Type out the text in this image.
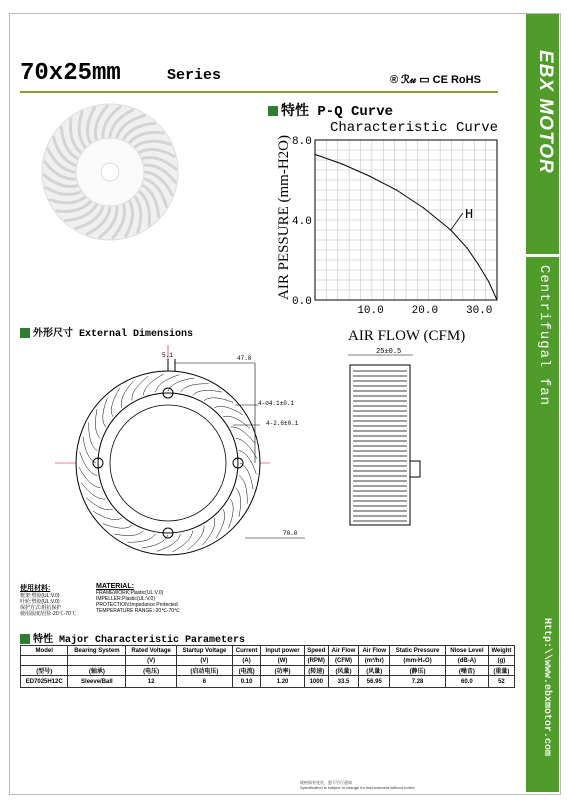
EBX MOTOR
Centrifugal fan
Http:\\www.ebxmotor.com
70x25mm	Series	® ℛ𝓊 ▭ CE RoHS
特性 P-Q Curve
Characteristic Curve
10.0	20.0	30.0
0.0
4.0
8.0
H
AIR PESSURE (mm-H2O)
AIR FLOW (CFM)
外形尺寸 External Dimensions
5.1	47.8
4-∅4.1±0.1
4-2.6±0.1
70.0
25±0.5
使用材料:
框架:塑胶(UL:V.0)
叶轮:塑胶(UL:V.0)
保护方式:阻抗保护
使用温度范围:-20℃-70℃
MATERIAL:
FRAMEWORK:Plastic(UL:V.0)
IMPELLER:Plastic(UL:V.0)
PROTECTION:Impedance Protected
TEMPERATURE RANGE:-20℃-70℃
特性 Major Characteristic Parameters
Model	Bearing System	Rated Voltage	Startup Voltage	Current	Input power	Speed	Air Flow	Air Flow	Static Pressure	Nlose Level	Weight
		(V)	(V)	(A)	(W)	(RPM)	(CFM)	(m³/hr)	(mm-H₂O)	(dB-A)	(g)
(型号)	(轴承)	(电压)	(启动电压)	(电流)	(功率)	(转速)	(风量)	(风量)	(静压)	(噪音)	(重量)
ED7025H12C	Sleeve/Ball	12	6	0.10	1.20	1000	33.5	56.95	7.28	60.0	52
规格如有变更，恕不另行通知
Specification is subject to change for improvement without notice
